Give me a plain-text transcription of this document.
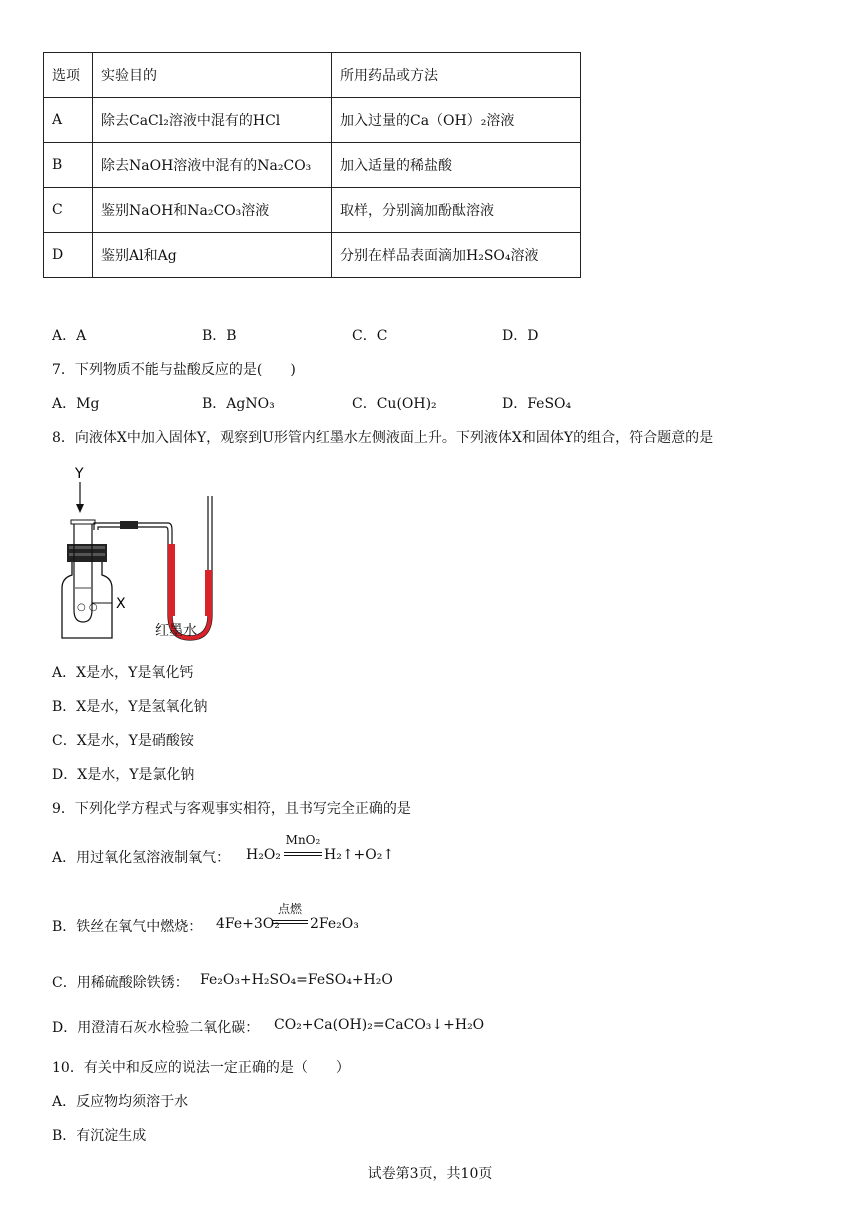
选项	实验目的	所用药品或方法
A	除去CaCl₂溶液中混有的HCl	加入过量的Ca（OH）₂溶液
B	除去NaOH溶液中混有的Na₂CO₃	加入适量的稀盐酸
C	鉴别NaOH和Na₂CO₃溶液	取样，分别滴加酚酞溶液
D	鉴别Al和Ag	分别在样品表面滴加H₂SO₄溶液
A．A	B．B	C．C	D．D
7．下列物质不能与盐酸反应的是(　　)
A．Mg	B．AgNO₃	C．Cu(OH)₂	D．FeSO₄
8．向液体X中加入固体Y，观察到U形管内红墨水左侧液面上升。下列液体X和固体Y的组合，符合题意的是
Y
○ ○ X
红墨水
A．X是水，Y是氧化钙
B．X是水，Y是氢氧化钠
C．X是水，Y是硝酸铵
D．X是水，Y是氯化钠
9．下列化学方程式与客观事实相符，且书写完全正确的是
A．用过氧化氢溶液制氧气： H₂O₂
MnO₂
H₂↑+O₂↑
B．铁丝在氧气中燃烧： 4Fe+3O₂
点燃
2Fe₂O₃
C．用稀硫酸除铁锈： Fe₂O₃+H₂SO₄=FeSO₄+H₂O
D．用澄清石灰水检验二氧化碳： CO₂+Ca(OH)₂=CaCO₃↓+H₂O
10．有关中和反应的说法一定正确的是（　　）
A．反应物均须溶于水
B．有沉淀生成
试卷第3页，共10页
